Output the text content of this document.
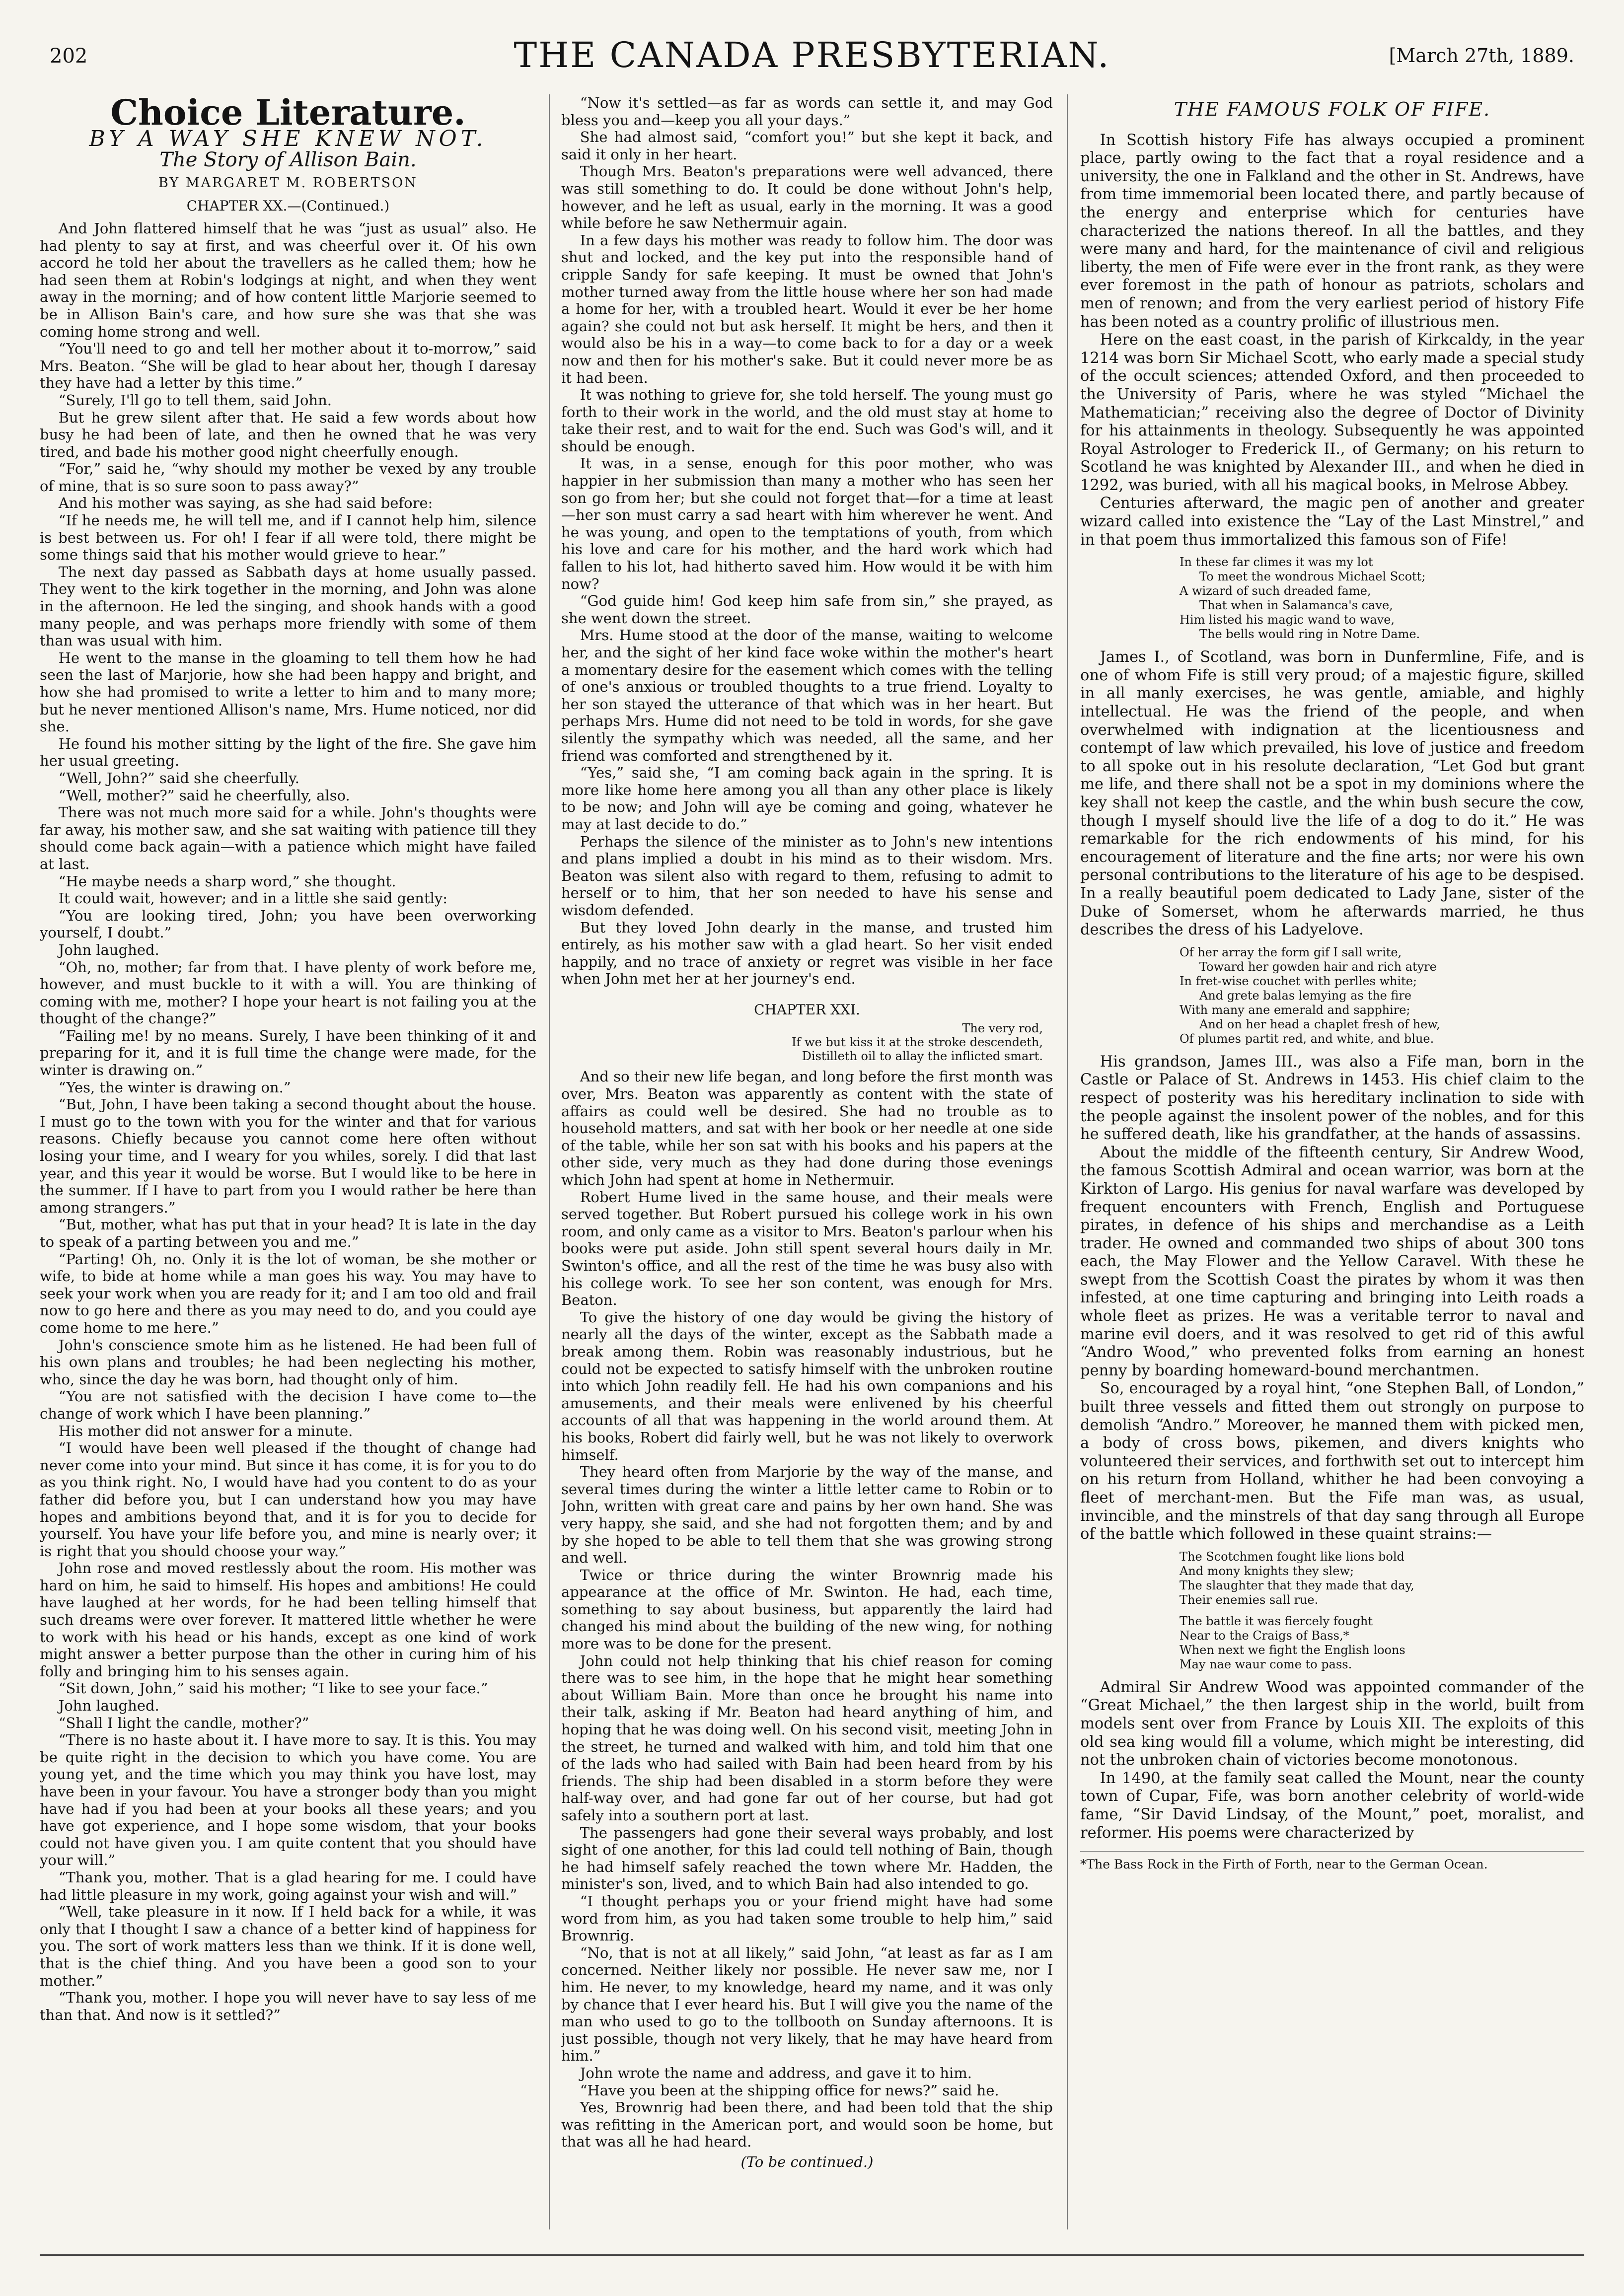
202	THE CANADA PRESBYTERIAN.	[March 27th, 1889.
Choice Literature.
BY A WAY SHE KNEW NOT.
The Story of Allison Bain.
BY MARGARET M. ROBERTSON
CHAPTER XX.—(Continued.)

And John flattered himself that he was “just as usual” also. He had plenty to say at first, and was cheerful over it. Of his own accord he told her about the travellers as he called them; how he had seen them at Robin's lodgings at night, and when they went away in the morning; and of how content little Marjorie seemed to be in Allison Bain's care, and how sure she was that she was coming home strong and well.

“You'll need to go and tell her mother about it to-morrow,” said Mrs. Beaton. “She will be glad to hear about her, though I daresay they have had a letter by this time.”

“Surely, I'll go to tell them, said John.

But he grew silent after that. He said a few words about how busy he had been of late, and then he owned that he was very tired, and bade his mother good night cheerfully enough.

“For,” said he, “why should my mother be vexed by any trouble of mine, that is so sure soon to pass away?”

And his mother was saying, as she had said before:

“If he needs me, he will tell me, and if I cannot help him, silence is best between us. For oh! I fear if all were told, there might be some things said that his mother would grieve to hear.”

The next day passed as Sabbath days at home usually passed. They went to the kirk together in the morning, and John was alone in the afternoon. He led the singing, and shook hands with a good many people, and was perhaps more friendly with some of them than was usual with him.

He went to the manse in the gloaming to tell them how he had seen the last of Marjorie, how she had been happy and bright, and how she had promised to write a letter to him and to many more; but he never mentioned Allison's name, Mrs. Hume noticed, nor did she.

He found his mother sitting by the light of the fire. She gave him her usual greeting.

“Well, John?” said she cheerfully.

“Well, mother?” said he cheerfully, also.

There was not much more said for a while. John's thoughts were far away, his mother saw, and she sat waiting with patience till they should come back again—with a patience which might have failed at last.

“He maybe needs a sharp word,” she thought.

It could wait, however; and in a little she said gently:

“You are looking tired, John; you have been overworking yourself, I doubt.”

John laughed.

“Oh, no, mother; far from that. I have plenty of work before me, however, and must buckle to it with a will. You are thinking of coming with me, mother? I hope your heart is not failing you at the thought of the change?”

“Failing me! by no means. Surely, I have been thinking of it and preparing for it, and it is full time the change were made, for the winter is drawing on.”

“Yes, the winter is drawing on.”

“But, John, I have been taking a second thought about the house. I must go to the town with you for the winter and that for various reasons. Chiefly because you cannot come here often without losing your time, and I weary for you whiles, sorely. I did that last year, and this year it would be worse. But I would like to be here in the summer. If I have to part from you I would rather be here than among strangers.”

“But, mother, what has put that in your head? It is late in the day to speak of a parting between you and me.”

“Parting! Oh, no. Only it is the lot of woman, be she mother or wife, to bide at home while a man goes his way. You may have to seek your work when you are ready for it; and I am too old and frail now to go here and there as you may need to do, and you could aye come home to me here.”

John's conscience smote him as he listened. He had been full of his own plans and troubles; he had been neglecting his mother, who, since the day he was born, had thought only of him.

“You are not satisfied with the decision I have come to—the change of work which I have been planning.”

His mother did not answer for a minute.

“I would have been well pleased if the thought of change had never come into your mind. But since it has come, it is for you to do as you think right. No, I would have had you content to do as your father did before you, but I can understand how you may have hopes and ambitions beyond that, and it is for you to decide for yourself. You have your life before you, and mine is nearly over; it is right that you should choose your way.”

John rose and moved restlessly about the room. His mother was hard on him, he said to himself. His hopes and ambitions! He could have laughed at her words, for he had been telling himself that such dreams were over forever. It mattered little whether he were to work with his head or his hands, except as one kind of work might answer a better purpose than the other in curing him of his folly and bringing him to his senses again.

“Sit down, John,” said his mother; “I like to see your face.”

John laughed.

“Shall I light the candle, mother?”

“There is no haste about it. I have more to say. It is this. You may be quite right in the decision to which you have come. You are young yet, and the time which you may think you have lost, may have been in your favour. You have a stronger body than you might have had if you had been at your books all these years; and you have got experience, and I hope some wisdom, that your books could not have given you. I am quite content that you should have your will.”

“Thank you, mother. That is a glad hearing for me. I could have had little pleasure in my work, going against your wish and will.”

“Well, take pleasure in it now. If I held back for a while, it was only that I thought I saw a chance of a better kind of happiness for you. The sort of work matters less than we think. If it is done well, that is the chief thing. And you have been a good son to your mother.”

“Thank you, mother. I hope you will never have to say less of me than that. And now is it settled?”

“Now it's settled—as far as words can settle it, and may God bless you and—keep you all your days.”

She had almost said, “comfort you!” but she kept it back, and said it only in her heart.

Though Mrs. Beaton's preparations were well advanced, there was still something to do. It could be done without John's help, however, and he left as usual, early in the morning. It was a good while before he saw Nethermuir again.

In a few days his mother was ready to follow him. The door was shut and locked, and the key put into the responsible hand of cripple Sandy for safe keeping. It must be owned that John's mother turned away from the little house where her son had made a home for her, with a troubled heart. Would it ever be her home again? she could not but ask herself. It might be hers, and then it would also be his in a way—to come back to for a day or a week now and then for his mother's sake. But it could never more be as it had been.

It was nothing to grieve for, she told herself. The young must go forth to their work in the world, and the old must stay at home to take their rest, and to wait for the end. Such was God's will, and it should be enough.

It was, in a sense, enough for this poor mother, who was happier in her submission than many a mother who has seen her son go from her; but she could not forget that—for a time at least—her son must carry a sad heart with him wherever he went. And he was young, and open to the temptations of youth, from which his love and care for his mother, and the hard work which had fallen to his lot, had hitherto saved him. How would it be with him now?

“God guide him! God keep him safe from sin,” she prayed, as she went down the street.

Mrs. Hume stood at the door of the manse, waiting to welcome her, and the sight of her kind face woke within the mother's heart a momentary desire for the easement which comes with the telling of one's anxious or troubled thoughts to a true friend. Loyalty to her son stayed the utterance of that which was in her heart. But perhaps Mrs. Hume did not need to be told in words, for she gave silently the sympathy which was needed, all the same, and her friend was comforted and strengthened by it.

“Yes,” said she, “I am coming back again in the spring. It is more like home here among you all than any other place is likely to be now; and John will aye be coming and going, whatever he may at last decide to do.”

Perhaps the silence of the minister as to John's new intentions and plans implied a doubt in his mind as to their wisdom. Mrs. Beaton was silent also with regard to them, refusing to admit to herself or to him, that her son needed to have his sense and wisdom defended.

But they loved John dearly in the manse, and trusted him entirely, as his mother saw with a glad heart. So her visit ended happily, and no trace of anxiety or regret was visible in her face when John met her at her journey's end.

CHAPTER XXI.
The very rod,
If we but kiss it at the stroke descendeth,
Distilleth oil to allay the inflicted smart.

And so their new life began, and long before the first month was over, Mrs. Beaton was apparently as content with the state of affairs as could well be desired. She had no trouble as to household matters, and sat with her book or her needle at one side of the table, while her son sat with his books and his papers at the other side, very much as they had done during those evenings which John had spent at home in Nethermuir.

Robert Hume lived in the same house, and their meals were served together. But Robert pursued his college work in his own room, and only came as a visitor to Mrs. Beaton's parlour when his books were put aside. John still spent several hours daily in Mr. Swinton's office, and all the rest of the time he was busy also with his college work. To see her son content, was enough for Mrs. Beaton.

To give the history of one day would be giving the history of nearly all the days of the winter, except as the Sabbath made a break among them. Robin was reasonably industrious, but he could not be expected to satisfy himself with the unbroken routine into which John readily fell. He had his own companions and his amusements, and their meals were enlivened by his cheerful accounts of all that was happening in the world around them. At his books, Robert did fairly well, but he was not likely to overwork himself.

They heard often from Marjorie by the way of the manse, and several times during the winter a little letter came to Robin or to John, written with great care and pains by her own hand. She was very happy, she said, and she had not forgotten them; and by and by she hoped to be able to tell them that she was growing strong and well.

Twice or thrice during the winter Brownrig made his appearance at the office of Mr. Swinton. He had, each time, something to say about business, but apparently the laird had changed his mind about the building of the new wing, for nothing more was to be done for the present.

John could not help thinking that his chief reason for coming there was to see him, in the hope that he might hear something about William Bain. More than once he brought his name into their talk, asking if Mr. Beaton had heard anything of him, and hoping that he was doing well. On his second visit, meeting John in the street, he turned and walked with him, and told him that one of the lads who had sailed with Bain had been heard from by his friends. The ship had been disabled in a storm before they were half-way over, and had gone far out of her course, but had got safely into a southern port at last.

The passengers had gone their several ways probably, and lost sight of one another, for this lad could tell nothing of Bain, though he had himself safely reached the town where Mr. Hadden, the minister's son, lived, and to which Bain had also intended to go.

“I thought perhaps you or your friend might have had some word from him, as you had taken some trouble to help him,” said Brownrig.

“No, that is not at all likely,” said John, “at least as far as I am concerned. Neither likely nor possible. He never saw me, nor I him. He never, to my knowledge, heard my name, and it was only by chance that I ever heard his. But I will give you the name of the man who used to go to the tollbooth on Sunday afternoons. It is just possible, though not very likely, that he may have heard from him.”

John wrote the name and address, and gave it to him.

“Have you been at the shipping office for news?” said he.

Yes, Brownrig had been there, and had been told that the ship was refitting in the American port, and would soon be home, but that was all he had heard.

(To be continued.)
THE FAMOUS FOLK OF FIFE.

In Scottish history Fife has always occupied a prominent place, partly owing to the fact that a royal residence and a university, the one in Falkland and the other in St. Andrews, have from time immemorial been located there, and partly because of the energy and enterprise which for centuries have characterized the nations thereof. In all the battles, and they were many and hard, for the maintenance of civil and religious liberty, the men of Fife were ever in the front rank, as they were ever foremost in the path of honour as patriots, scholars and men of renown; and from the very earliest period of history Fife has been noted as a country prolific of illustrious men.

Here on the east coast, in the parish of Kirkcaldy, in the year 1214 was born Sir Michael Scott, who early made a special study of the occult sciences; attended Oxford, and then proceeded to the University of Paris, where he was styled “Michael the Mathematician;” receiving also the degree of Doctor of Divinity for his attainments in theology. Subsequently he was appointed Royal Astrologer to Frederick II., of Germany; on his return to Scotland he was knighted by Alexander III., and when he died in 1292, was buried, with all his magical books, in Melrose Abbey.

Centuries afterward, the magic pen of another and greater wizard called into existence the “Lay of the Last Minstrel,” and in that poem thus immortalized this famous son of Fife!

In these far climes it was my lot
To meet the wondrous Michael Scott;
A wizard of such dreaded fame,
That when in Salamanca's cave,
Him listed his magic wand to wave,
The bells would ring in Notre Dame.

James I., of Scotland, was born in Dunfermline, Fife, and is one of whom Fife is still very proud; of a majestic figure, skilled in all manly exercises, he was gentle, amiable, and highly intellectual. He was the friend of the people, and when overwhelmed with indignation at the licentiousness and contempt of law which prevailed, his love of justice and freedom to all spoke out in his resolute declaration, “Let God but grant me life, and there shall not be a spot in my dominions where the key shall not keep the castle, and the whin bush secure the cow, though I myself should live the life of a dog to do it.” He was remarkable for the rich endowments of his mind, for his encouragement of literature and the fine arts; nor were his own personal contributions to the literature of his age to be despised. In a really beautiful poem dedicated to Lady Jane, sister of the Duke of Somerset, whom he afterwards married, he thus describes the dress of his Ladyelove.

Of her array the form gif I sall write,
Toward her gowden hair and rich atyre
In fret-wise couchet with perlles white;
And grete balas lemying as the fire
With many ane emerald and sapphire;
And on her head a chaplet fresh of hew,
Of plumes partit red, and white, and blue.

His grandson, James III., was also a Fife man, born in the Castle or Palace of St. Andrews in 1453. His chief claim to the respect of posterity was his hereditary inclination to side with the people against the insolent power of the nobles, and for this he suffered death, like his grandfather, at the hands of assassins.

About the middle of the fifteenth century, Sir Andrew Wood, the famous Scottish Admiral and ocean warrior, was born at the Kirkton of Largo. His genius for naval warfare was developed by frequent encounters with French, English and Portuguese pirates, in defence of his ships and merchandise as a Leith trader. He owned and commanded two ships of about 300 tons each, the May Flower and the Yellow Caravel. With these he swept from the Scottish Coast the pirates by whom it was then infested, at one time capturing and bringing into Leith roads a whole fleet as prizes. He was a veritable terror to naval and marine evil doers, and it was resolved to get rid of this awful “Andro Wood,” who prevented folks from earning an honest penny by boarding homeward-bound merchantmen.

So, encouraged by a royal hint, “one Stephen Ball, of London,” built three vessels and fitted them out strongly on purpose to demolish “Andro.” Moreover, he manned them with picked men, a body of cross bows, pikemen, and divers knights who volunteered their services, and forthwith set out to intercept him on his return from Holland, whither he had been convoying a fleet of merchant-men. But the Fife man was, as usual, invincible, and the minstrels of that day sang through all Europe of the battle which followed in these quaint strains:—

The Scotchmen fought like lions bold
And mony knights they slew;
The slaughter that they made that day,
Their enemies sall rue.
The battle it was fiercely fought
Near to the Craigs of Bass,*
When next we fight the English loons
May nae waur come to pass.

Admiral Sir Andrew Wood was appointed commander of the “Great Michael,” the then largest ship in the world, built from models sent over from France by Louis XII. The exploits of this old sea king would fill a volume, which might be interesting, did not the unbroken chain of victories become monotonous.

In 1490, at the family seat called the Mount, near the county town of Cupar, Fife, was born another celebrity of world-wide fame, “Sir David Lindsay, of the Mount,” poet, moralist, and reformer. His poems were characterized by

*The Bass Rock in the Firth of Forth, near to the German Ocean.
